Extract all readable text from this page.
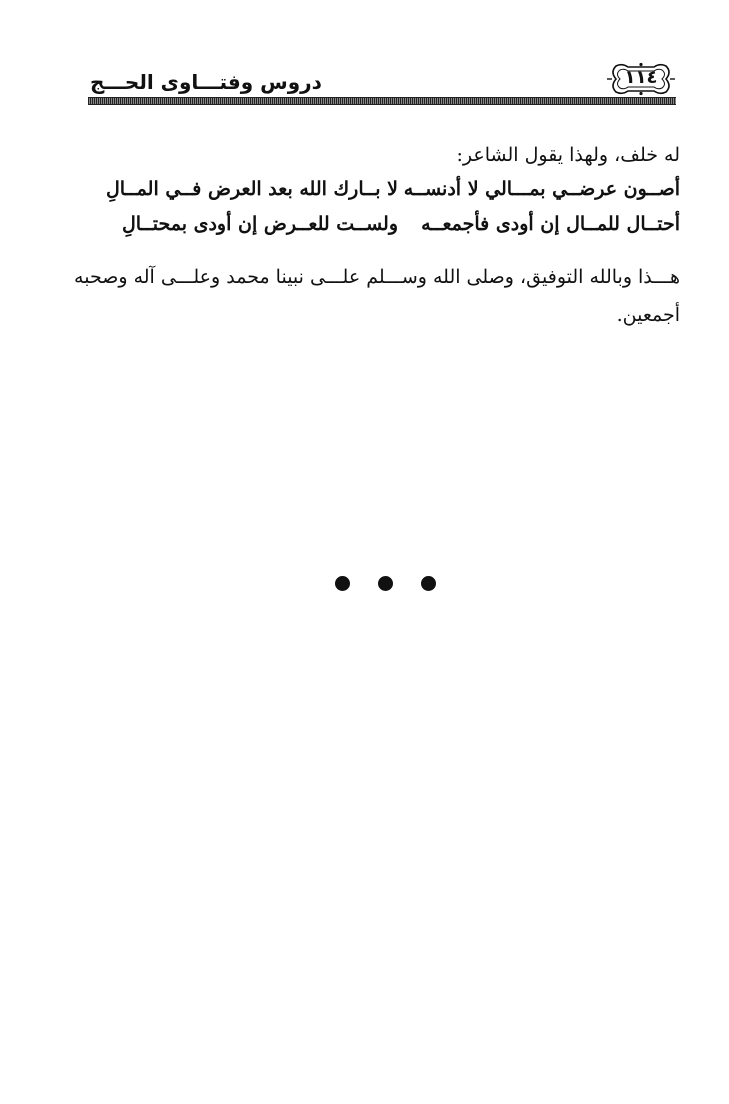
دروس وفتـــاوى الحـــج	١١٤
له خلف، ولهذا يقول الشاعر:
أصــون عرضــي بمـــالي لا أدنســه
لا بــارك الله بعد العرض فــي المــالِ
أحتــال للمــال إن أودى فأجمعــه
ولســت للعــرض إن أودى بمحتــالِ
هـــذا وبالله التوفيق، وصلى الله وســـلم علـــى نبينا محمد وعلـــى آله وصحبه
أجمعين.
